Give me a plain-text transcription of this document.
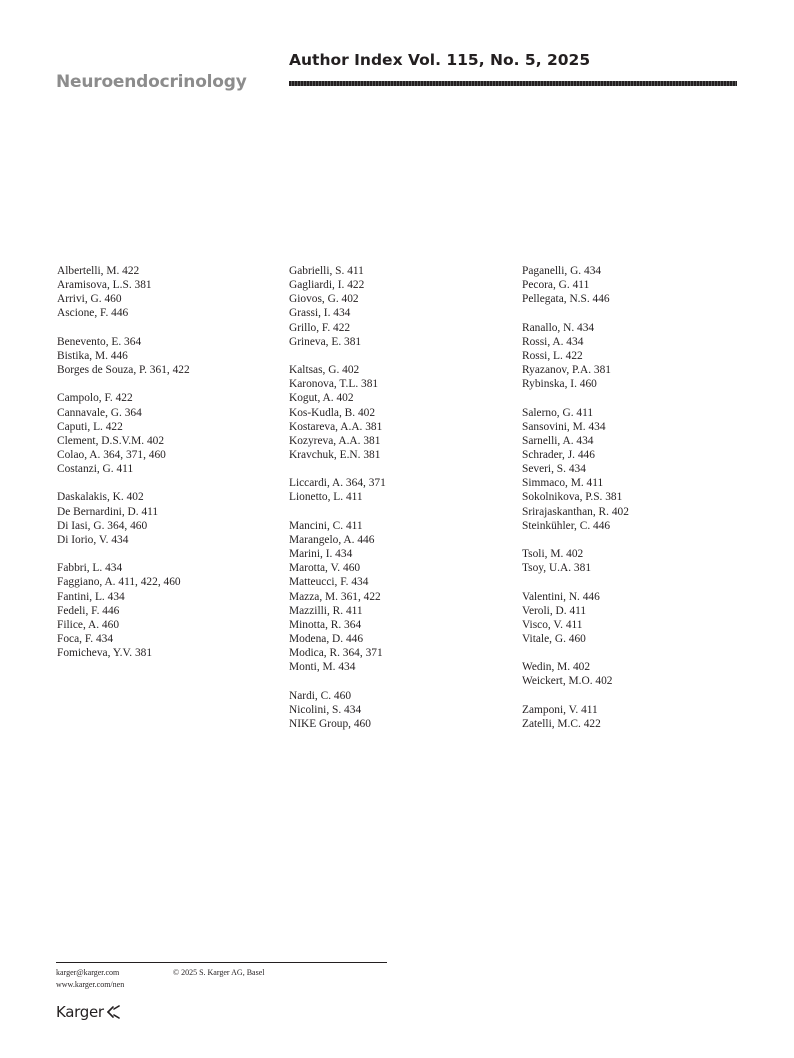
Neuroendocrinology
Author Index Vol. 115, No. 5, 2025
Albertelli, M. 422
Aramisova, L.S. 381
Arrivi, G. 460
Ascione, F. 446
Benevento, E. 364
Bistika, M. 446
Borges de Souza, P. 361, 422
Campolo, F. 422
Cannavale, G. 364
Caputi, L. 422
Clement, D.S.V.M. 402
Colao, A. 364, 371, 460
Costanzi, G. 411
Daskalakis, K. 402
De Bernardini, D. 411
Di Iasi, G. 364, 460
Di Iorio, V. 434
Fabbri, L. 434
Faggiano, A. 411, 422, 460
Fantini, L. 434
Fedeli, F. 446
Filice, A. 460
Foca, F. 434
Fomicheva, Y.V. 381
Gabrielli, S. 411
Gagliardi, I. 422
Giovos, G. 402
Grassi, I. 434
Grillo, F. 422
Grineva, E. 381
Kaltsas, G. 402
Karonova, T.L. 381
Kogut, A. 402
Kos-Kudla, B. 402
Kostareva, A.A. 381
Kozyreva, A.A. 381
Kravchuk, E.N. 381
Liccardi, A. 364, 371
Lionetto, L. 411
Mancini, C. 411
Marangelo, A. 446
Marini, I. 434
Marotta, V. 460
Matteucci, F. 434
Mazza, M. 361, 422
Mazzilli, R. 411
Minotta, R. 364
Modena, D. 446
Modica, R. 364, 371
Monti, M. 434
Nardi, C. 460
Nicolini, S. 434
NIKE Group, 460
Paganelli, G. 434
Pecora, G. 411
Pellegata, N.S. 446
Ranallo, N. 434
Rossi, A. 434
Rossi, L. 422
Ryazanov, P.A. 381
Rybinska, I. 460
Salerno, G. 411
Sansovini, M. 434
Sarnelli, A. 434
Schrader, J. 446
Severi, S. 434
Simmaco, M. 411
Sokolnikova, P.S. 381
Srirajaskanthan, R. 402
Steinkühler, C. 446
Tsoli, M. 402
Tsoy, U.A. 381
Valentini, N. 446
Veroli, D. 411
Visco, V. 411
Vitale, G. 460
Wedin, M. 402
Weickert, M.O. 402
Zamponi, V. 411
Zatelli, M.C. 422
karger@karger.com	© 2025 S. Karger AG, Basel
www.karger.com/nen
Karger
